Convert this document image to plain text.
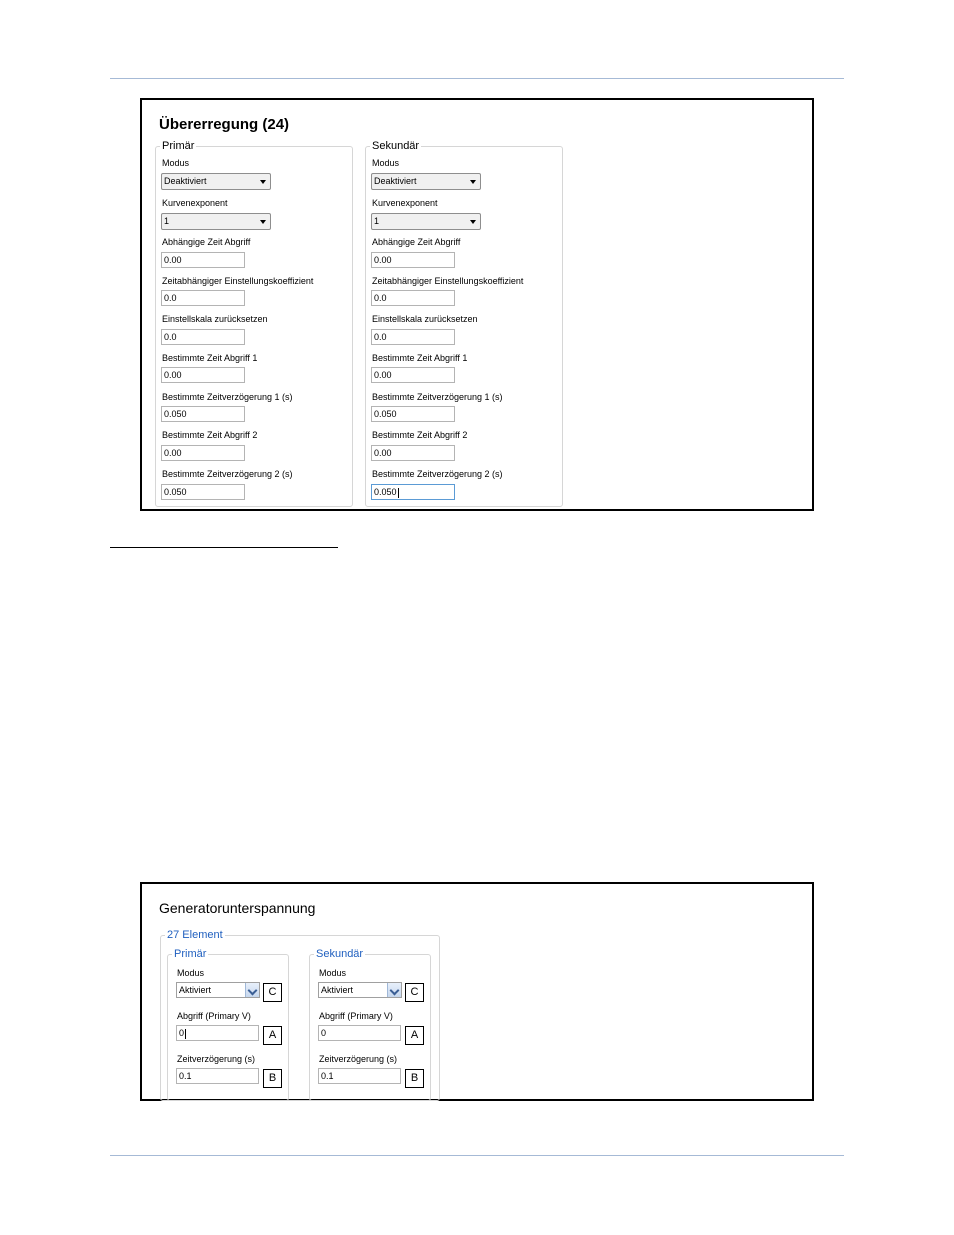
Übererregung (24)
Primär
Modus
Deaktiviert
Kurvenexponent
1
Abhängige Zeit Abgriff
0.00
Zeitabhängiger Einstellungskoeffizient
0.0
Einstellskala zurücksetzen
0.0
Bestimmte Zeit Abgriff 1
0.00
Bestimmte Zeitverzögerung 1 (s)
0.050
Bestimmte Zeit Abgriff 2
0.00
Bestimmte Zeitverzögerung 2 (s)
0.050
Sekundär
Modus
Deaktiviert
Kurvenexponent
1
Abhängige Zeit Abgriff
0.00
Zeitabhängiger Einstellungskoeffizient
0.0
Einstellskala zurücksetzen
0.0
Bestimmte Zeit Abgriff 1
0.00
Bestimmte Zeitverzögerung 1 (s)
0.050
Bestimmte Zeit Abgriff 2
0.00
Bestimmte Zeitverzögerung 2 (s)
0.050
Generatorunterspannung
27 Element
Primär
Modus
Aktiviert	C
Abgriff (Primary V)
0	A
Zeitverzögerung (s)
0.1	B
Sekundär
Modus
Aktiviert	C
Abgriff (Primary V)
0	A
Zeitverzögerung (s)
0.1	B
